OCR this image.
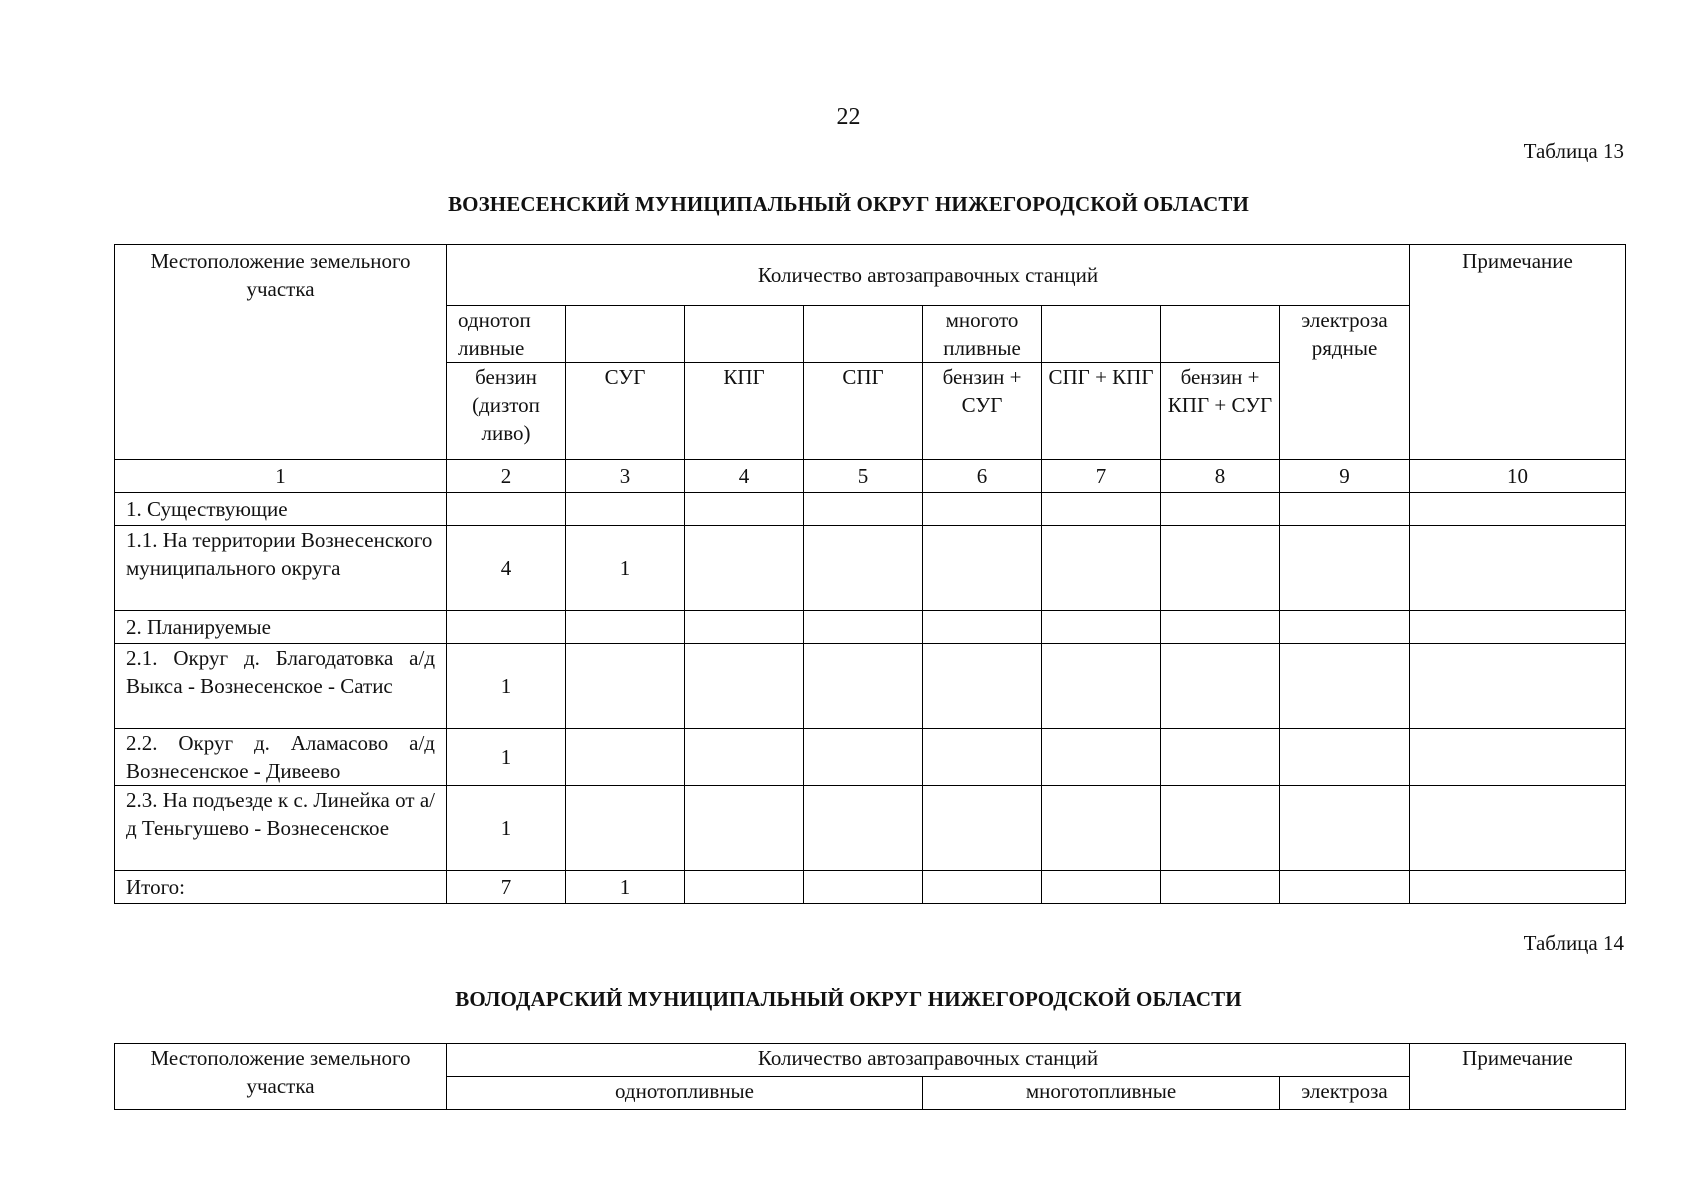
22
Таблица 13
ВОЗНЕСЕНСКИЙ МУНИЦИПАЛЬНЫЙ ОКРУГ НИЖЕГОРОДСКОЙ ОБЛАСТИ
Местоположение земельного участка	Количество автозаправочных станций								Примечание
	однотоп ливные				многото пливные			электроза рядные	
	бензин (дизтоп ливо)	СУГ	КПГ	СПГ	бензин + СУГ	СПГ + КПГ	бензин + КПГ + СУГ		
1	2	3	4	5	6	7	8	9	10
1. Существующие									
1.1. На территории Вознесенского муниципального округа	4	1							
2. Планируемые									
2.1. Округ д. Благодатовка а/д Выкса - Вознесенское - Сатис	1								
2.2. Округ д. Аламасово а/д Вознесенское - Дивеево	1								
2.3. На подъезде к с. Линейка от а/д Теньгушево - Вознесенское	1								
Итого:	7	1							
Таблица 14
ВОЛОДАРСКИЙ МУНИЦИПАЛЬНЫЙ ОКРУГ НИЖЕГОРОДСКОЙ ОБЛАСТИ
Местоположение земельного участка	Количество автозаправочных станций			Примечание
	однотопливные	многотопливные	электроза	
